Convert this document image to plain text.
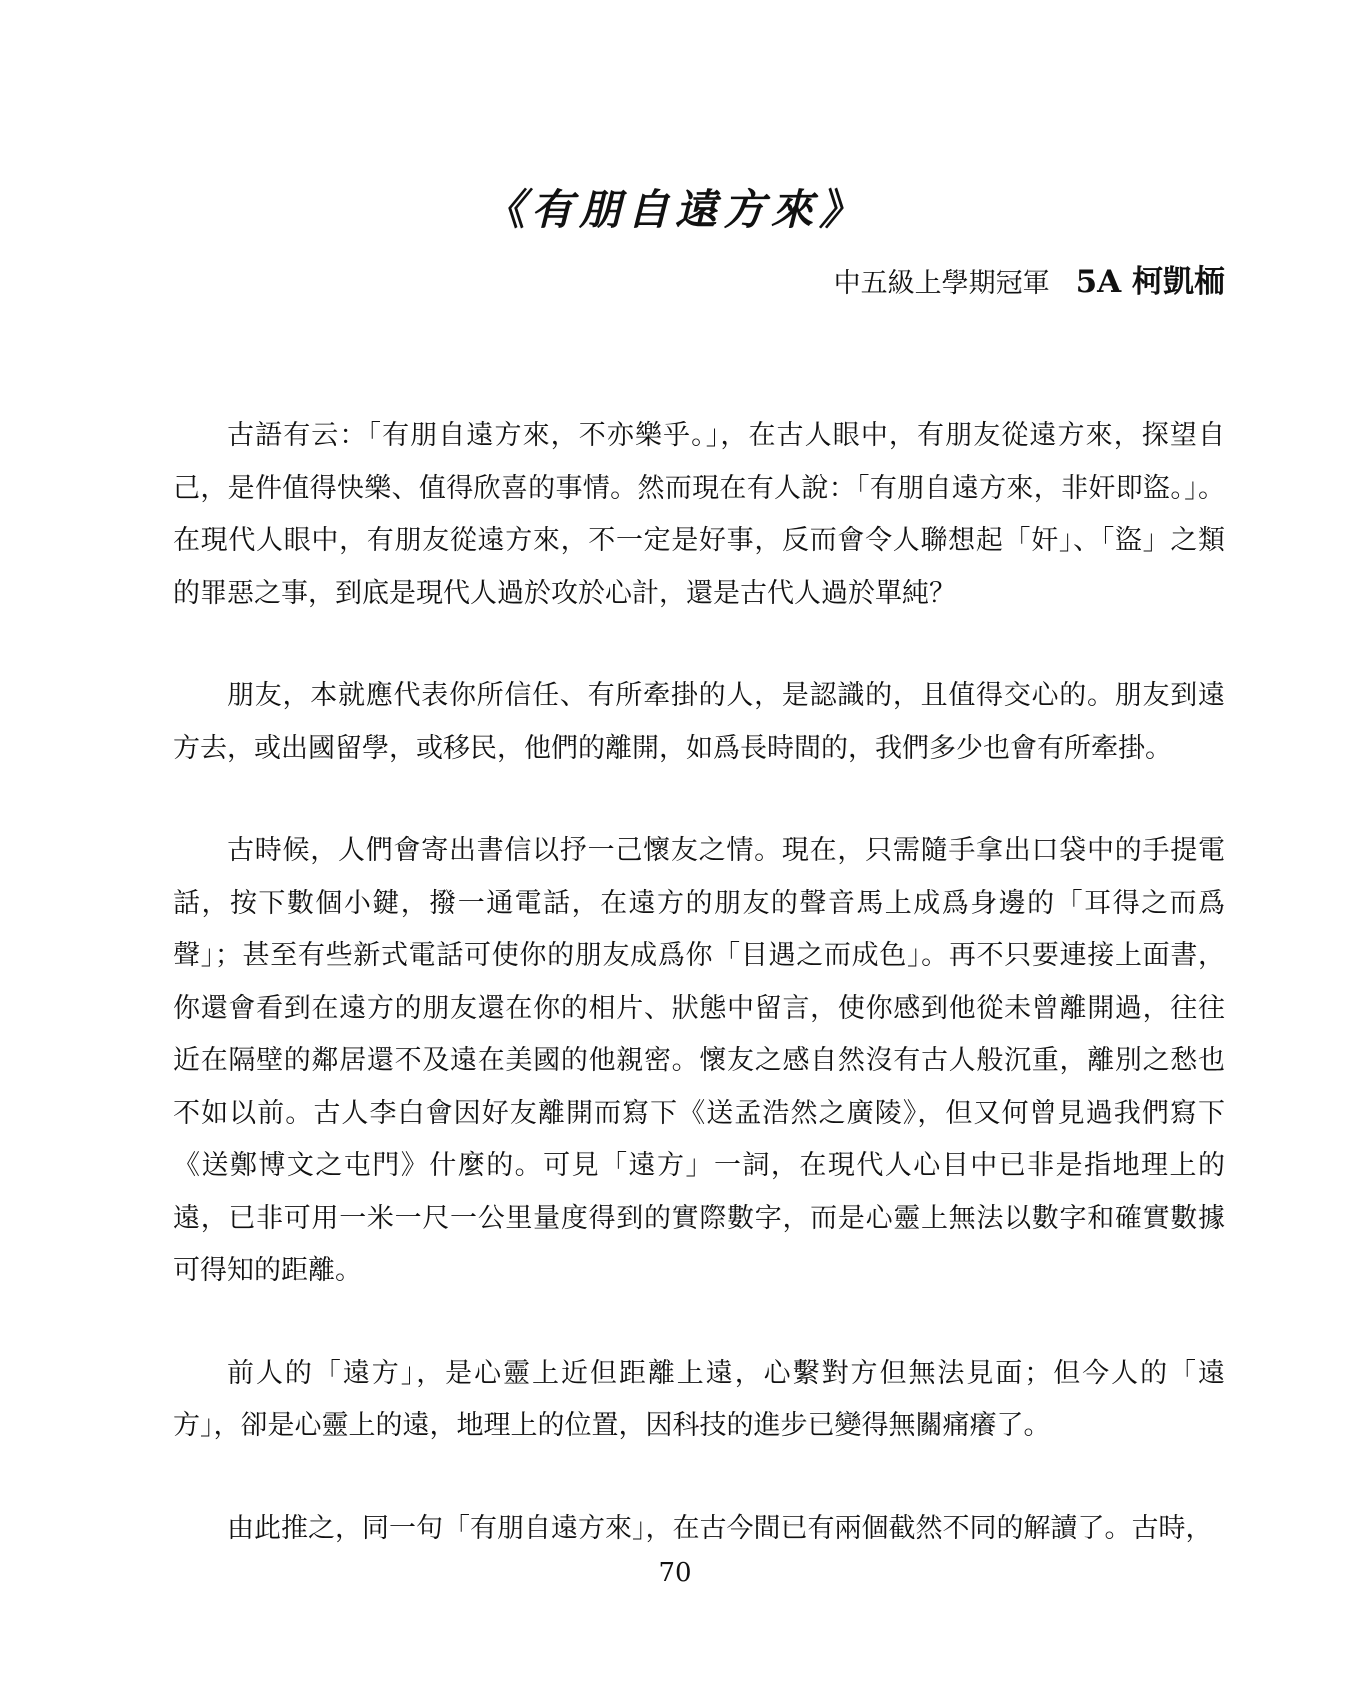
《有朋自遠方來》
中五級上學期冠軍 5A 柯凱栭

古語有云：「有朋自遠方來，不亦樂乎。」，在古人眼中，有朋友從遠方來，探望自己，是件值得快樂、值得欣喜的事情。然而現在有人說：「有朋自遠方來，非奸即盜。」。在現代人眼中，有朋友從遠方來，不一定是好事，反而會令人聯想起「奸」、「盜」之類的罪惡之事，到底是現代人過於攻於心計，還是古代人過於單純？

朋友，本就應代表你所信任、有所牽掛的人，是認識的，且值得交心的。朋友到遠方去，或出國留學，或移民，他們的離開，如爲長時間的，我們多少也會有所牽掛。

古時候，人們會寄出書信以抒一己懷友之情。現在，只需隨手拿出口袋中的手提電話，按下數個小鍵，撥一通電話，在遠方的朋友的聲音馬上成爲身邊的「耳得之而爲聲」；甚至有些新式電話可使你的朋友成爲你「目遇之而成色」。再不只要連接上面書，你還會看到在遠方的朋友還在你的相片、狀態中留言，使你感到他從未曾離開過，往往近在隔壁的鄰居還不及遠在美國的他親密。懷友之感自然沒有古人般沉重，離別之愁也不如以前。古人李白會因好友離開而寫下《送孟浩然之廣陵》，但又何曾見過我們寫下《送鄭博文之屯門》什麼的。可見「遠方」一詞，在現代人心目中已非是指地理上的遠，已非可用一米一尺一公里量度得到的實際數字，而是心靈上無法以數字和確實數據可得知的距離。

前人的「遠方」，是心靈上近但距離上遠，心繫對方但無法見面；但今人的「遠方」，卻是心靈上的遠，地理上的位置，因科技的進步已變得無關痛癢了。

由此推之，同一句「有朋自遠方來」，在古今間已有兩個截然不同的解讀了。古時，

70
